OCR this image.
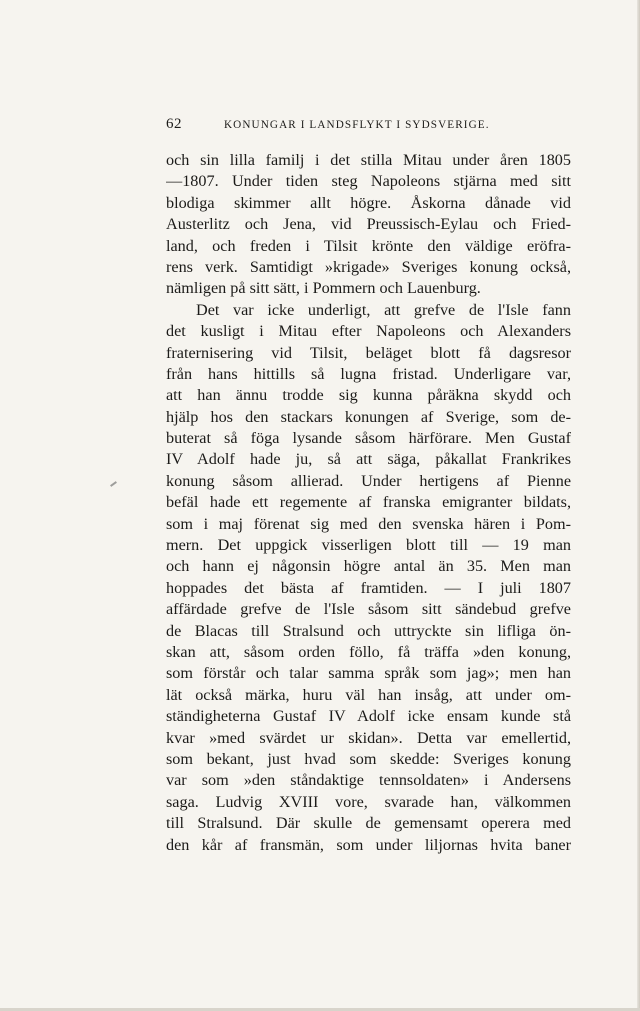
62	KONUNGAR I LANDSFLYKT I SYDSVERIGE.
och sin lilla familj i det stilla Mitau under åren 1805
—1807. Under tiden steg Napoleons stjärna med sitt
blodiga skimmer allt högre. Åskorna dånade vid
Austerlitz och Jena, vid Preussisch-Eylau och Fried-
land, och freden i Tilsit krönte den väldige eröfra-
rens verk. Samtidigt »krigade» Sveriges konung också,
nämligen på sitt sätt, i Pommern och Lauenburg.
Det var icke underligt, att grefve de l'Isle fann
det kusligt i Mitau efter Napoleons och Alexanders
fraternisering vid Tilsit, beläget blott få dagsresor
från hans hittills så lugna fristad. Underligare var,
att han ännu trodde sig kunna påräkna skydd och
hjälp hos den stackars konungen af Sverige, som de-
buterat så föga lysande såsom härförare. Men Gustaf
IV Adolf hade ju, så att säga, påkallat Frankrikes
konung såsom allierad. Under hertigens af Pienne
befäl hade ett regemente af franska emigranter bildats,
som i maj förenat sig med den svenska hären i Pom-
mern. Det uppgick visserligen blott till — 19 man
och hann ej någonsin högre antal än 35. Men man
hoppades det bästa af framtiden. — I juli 1807
affärdade grefve de l'Isle såsom sitt sändebud grefve
de Blacas till Stralsund och uttryckte sin lifliga ön-
skan att, såsom orden föllo, få träffa »den konung,
som förstår och talar samma språk som jag»; men han
lät också märka, huru väl han insåg, att under om-
ständigheterna Gustaf IV Adolf icke ensam kunde stå
kvar »med svärdet ur skidan». Detta var emellertid,
som bekant, just hvad som skedde: Sveriges konung
var som »den ståndaktige tennsoldaten» i Andersens
saga. Ludvig XVIII vore, svarade han, välkommen
till Stralsund. Där skulle de gemensamt operera med
den kår af fransmän, som under liljornas hvita baner
